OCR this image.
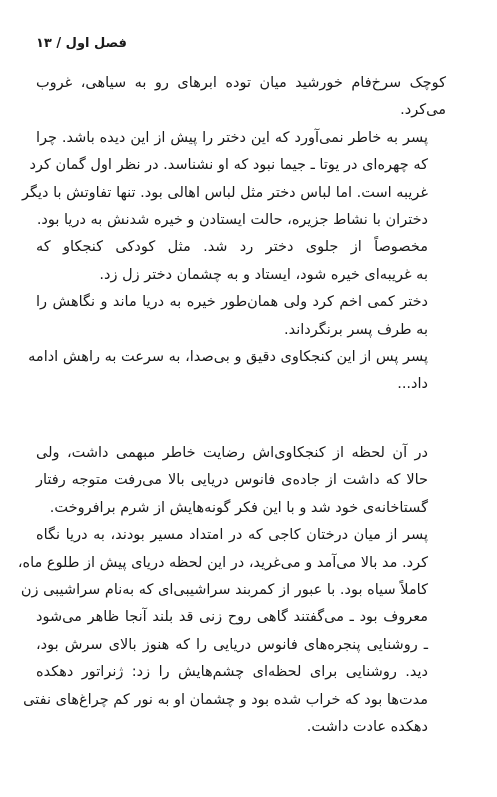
فصل اول / ۱۳

کوچک سرخ‌فام خورشید میان توده ابرهای رو به سیاهی، غروب
می‌کرد.

پسر به خاطر نمی‌آورد که این دختر را پیش از این دیده باشد. چرا
که چهره‌ای در یوتا ـ جیما نبود که او نشناسد. در نظر اول گمان کرد
غریبه است. اما لباس دختر مثل لباس اهالی بود. تنها تفاوتش با دیگر
دختران با نشاط جزیره، حالت ایستادن و خیره شدنش به دریا بود.

مخصوصاً از جلوی دختر رد شد. مثل کودکی کنجکاو که
به غریبه‌ای خیره شود، ایستاد و به چشمان دختر زل زد.

دختر کمی اخم کرد ولی همان‌طور خیره به دریا ماند و نگاهش را
به طرف پسر برنگرداند.

پسر پس از این کنجکاوی دقیق و بی‌صدا، به سرعت به راهش ادامه
داد...

در آن لحظه از کنجکاوی‌اش رضایت خاطر مبهمی داشت، ولی
حالا که داشت از جاده‌ی فانوس دریایی بالا می‌رفت متوجه رفتار
گستاخانه‌ی خود شد و با این فکر گونه‌هایش از شرم برافروخت.

پسر از میان درختان کاجی که در امتداد مسیر بودند، به دریا نگاه
کرد. مد بالا می‌آمد و می‌غرید، در این لحظه دریای پیش از طلوع ماه،
کاملاً سیاه بود. با عبور از کمربند سراشیبی‌ای که به‌نام سراشیبی زن
معروف بود ـ می‌گفتند گاهی روح زنی قد بلند آنجا ظاهر می‌شود
ـ روشنایی پنجره‌های فانوس دریایی را که هنوز بالای سرش بود،
دید. روشنایی برای لحظه‌ای چشم‌هایش را زد: ژنراتور دهکده
مدت‌ها بود که خراب شده بود و چشمان او به نور کم چراغ‌های نفتی
دهکده عادت داشت.
